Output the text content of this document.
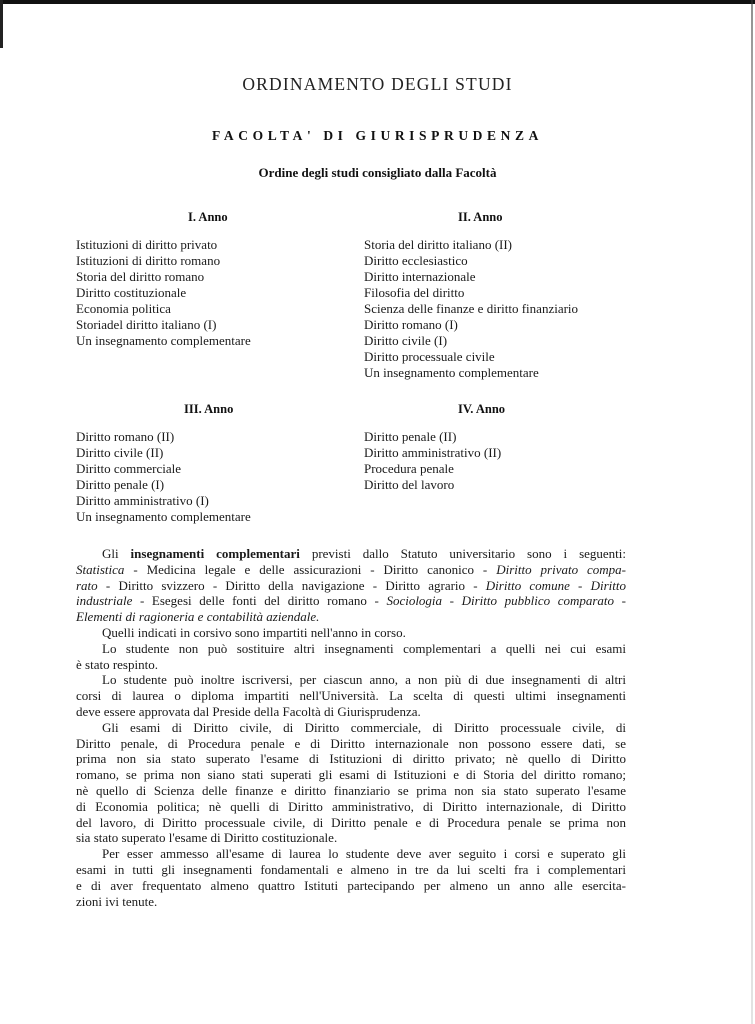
ORDINAMENTO DEGLI STUDI
FACOLTA' DI GIURISPRUDENZA
Ordine degli studi consigliato dalla Facoltà
I. Anno
Istituzioni di diritto privato
Istituzioni di diritto romano
Storia del diritto romano
Diritto costituzionale
Economia politica
Storiadel diritto italiano (I)
Un insegnamento complementare
II. Anno
Storia del diritto italiano (II)
Diritto ecclesiastico
Diritto internazionale
Filosofia del diritto
Scienza delle finanze e diritto finanziario
Diritto romano (I)
Diritto civile (I)
Diritto processuale civile
Un insegnamento complementare
III. Anno
Diritto romano (II)
Diritto civile (II)
Diritto commerciale
Diritto penale (I)
Diritto amministrativo (I)
Un insegnamento complementare
IV. Anno
Diritto penale (II)
Diritto amministrativo (II)
Procedura penale
Diritto del lavoro

Gli insegnamenti complementari previsti dallo Statuto universitario sono i seguenti:
Statistica - Medicina legale e delle assicurazioni - Diritto canonico - Diritto privato compa-
rato - Diritto svizzero - Diritto della navigazione - Diritto agrario - Diritto comune - Diritto
industriale - Esegesi delle fonti del diritto romano - Sociologia - Diritto pubblico comparato -
Elementi di ragioneria e contabilità aziendale.

Quelli indicati in corsivo sono impartiti nell'anno in corso.

Lo studente non può sostituire altri insegnamenti complementari a quelli nei cui esami
è stato respinto.

Lo studente può inoltre iscriversi, per ciascun anno, a non più di due insegnamenti di altri
corsi di laurea o diploma impartiti nell'Università. La scelta di questi ultimi insegnamenti
deve essere approvata dal Preside della Facoltà di Giurisprudenza.

Gli esami di Diritto civile, di Diritto commerciale, di Diritto processuale civile, di
Diritto penale, di Procedura penale e di Diritto internazionale non possono essere dati, se
prima non sia stato superato l'esame di Istituzioni di diritto privato; nè quello di Diritto
romano, se prima non siano stati superati gli esami di Istituzioni e di Storia del diritto romano;
nè quello di Scienza delle finanze e diritto finanziario se prima non sia stato superato l'esame
di Economia politica; nè quelli di Diritto amministrativo, di Diritto internazionale, di Diritto
del lavoro, di Diritto processuale civile, di Diritto penale e di Procedura penale se prima non
sia stato superato l'esame di Diritto costituzionale.

Per esser ammesso all'esame di laurea lo studente deve aver seguito i corsi e superato gli
esami in tutti gli insegnamenti fondamentali e almeno in tre da lui scelti fra i complementari
e di aver frequentato almeno quattro Istituti partecipando per almeno un anno alle esercita-
zioni ivi tenute.
